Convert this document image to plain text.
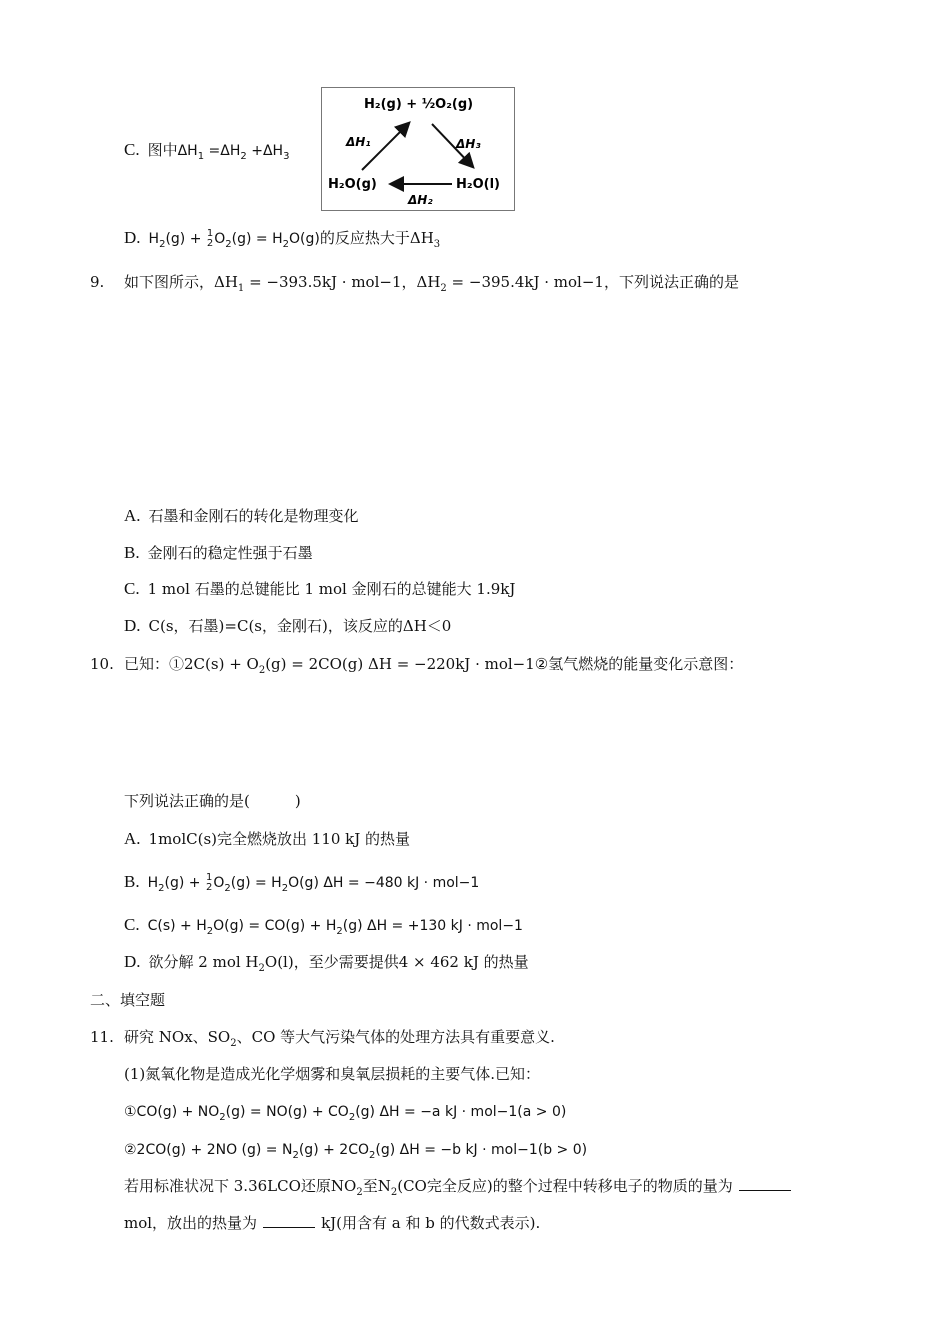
C. 图中$\Delta H_1 =\Delta H_2 +\Delta H_3$
H₂(g) + ½O₂(g)
H₂O(g)	H₂O(l)
ΔH₁	ΔH₃
ΔH₂
D. $H_2(g) + 1$
2 $O_2(g) = H_2O(g)$的反应热大于$\Delta H_3$
9. 如下图所示，$\Delta H_1 = -393.5kJ \cdot mol-1$，$\Delta H_2 = -395.4kJ \cdot mol-1$，下列说法正确的是
A. 石墨和金刚石的转化是物理变化
B. 金刚石的稳定性强于石墨
C. 1 mol 石墨的总键能比 1 mol 金刚石的总键能大 1.9kJ
D. C(s，石墨)=C(s，金刚石)，该反应的ΔH＜0
10. 已知：①2C(s) + $O_2(g) = 2CO(g) \Delta H = -220kJ$ · mol−1②氢气燃烧的能量变化示意图：
下列说法正确的是(　　　)
A. 1molC(s)完全燃烧放出 110 kJ 的热量
B. $H_2(g) + 1$
2 $O_2(g) = H_2O(g) \Delta H = -480$ kJ · mol−1
C. $C(s) + H_2O(g) = CO(g) + H_2(g) \Delta H = +130$ kJ · mol−1
D. 欲分解 2 mol $H_2O(l)$，至少需要提供4 × 462 kJ 的热量
二、填空题
11. 研究 NOx、$SO_2$、CO 等大气污染气体的处理方法具有重要意义.
(1)氮氧化物是造成光化学烟雾和臭氧层损耗的主要气体.已知：
①CO(g) + $NO_2(g) = NO(g) + CO_2(g) \Delta H = -a$ kJ · mol−1(a > 0)
②2CO(g) + 2NO $(g) = N_2(g) + 2CO_2(g) \Delta H = -b$ kJ · mol−1(b > 0)
若用标准状况下 3.36LCO还原$NO_2$至$N_2(CO$完全反应)的整个过程中转移电子的物质的量为
mol，放出的热量为	kJ(用含有 a 和 b 的代数式表示).
